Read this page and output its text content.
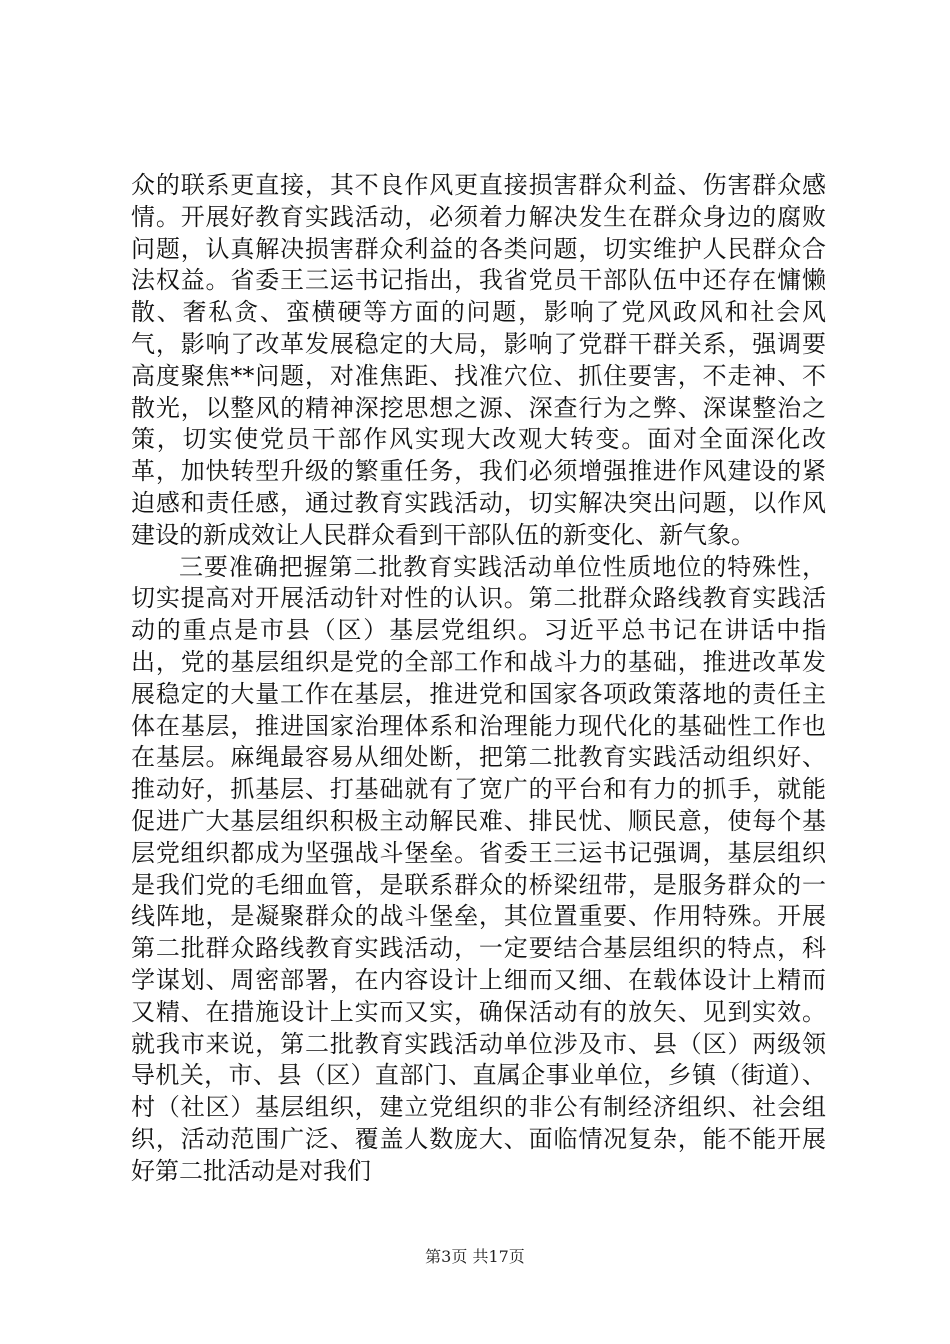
众的联系更直接，其不良作风更直接损害群众利益、伤害群众感情。开展好教育实践活动，必须着力解决发生在群众身边的腐败问题，认真解决损害群众利益的各类问题，切实维护人民群众合法权益。省委王三运书记指出，我省党员干部队伍中还存在慵懒散、奢私贪、蛮横硬等方面的问题，影响了党风政风和社会风气，影响了改革发展稳定的大局，影响了党群干群关系，强调要高度聚焦**问题，对准焦距、找准穴位、抓住要害，不走神、不散光，以整风的精神深挖思想之源、深查行为之弊、深谋整治之策，切实使党员干部作风实现大改观大转变。面对全面深化改革，加快转型升级的繁重任务，我们必须增强推进作风建设的紧迫感和责任感，通过教育实践活动，切实解决突出问题，以作风建设的新成效让人民群众看到干部队伍的新变化、新气象。

三要准确把握第二批教育实践活动单位性质地位的特殊性，切实提高对开展活动针对性的认识。第二批群众路线教育实践活动的重点是市县（区）基层党组织。习近平总书记在讲话中指出，党的基层组织是党的全部工作和战斗力的基础，推进改革发展稳定的大量工作在基层，推进党和国家各项政策落地的责任主体在基层，推进国家治理体系和治理能力现代化的基础性工作也在基层。麻绳最容易从细处断，把第二批教育实践活动组织好、推动好，抓基层、打基础就有了宽广的平台和有力的抓手，就能促进广大基层组织积极主动解民难、排民忧、顺民意，使每个基层党组织都成为坚强战斗堡垒。省委王三运书记强调，基层组织是我们党的毛细血管，是联系群众的桥梁纽带，是服务群众的一线阵地，是凝聚群众的战斗堡垒，其位置重要、作用特殊。开展第二批群众路线教育实践活动，一定要结合基层组织的特点，科学谋划、周密部署，在内容设计上细而又细、在载体设计上精而又精、在措施设计上实而又实，确保活动有的放矢、见到实效。就我市来说，第二批教育实践活动单位涉及市、县（区）两级领导机关，市、县（区）直部门、直属企事业单位，乡镇（街道）、村（社区）基层组织，建立党组织的非公有制经济组织、社会组织，活动范围广泛、覆盖人数庞大、面临情况复杂，能不能开展好第二批活动是对我们

第3页 共17页
